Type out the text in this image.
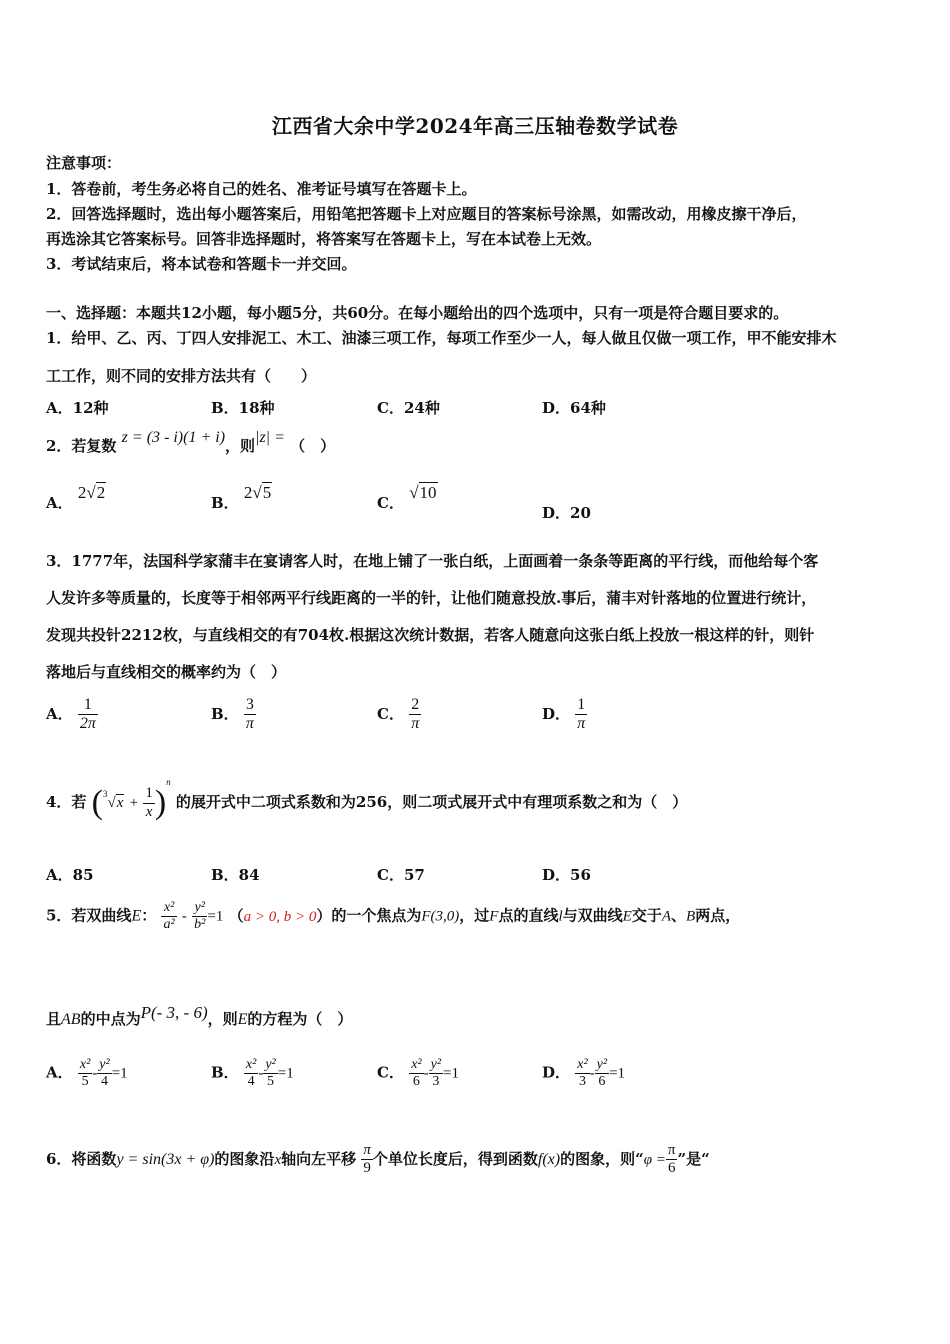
江西省大余中学2024年高三压轴卷数学试卷
注意事项：
1．答卷前，考生务必将自己的姓名、准考证号填写在答题卡上。
2．回答选择题时，选出每小题答案后，用铅笔把答题卡上对应题目的答案标号涂黑，如需改动，用橡皮擦干净后，
再选涂其它答案标号。回答非选择题时，将答案写在答题卡上，写在本试卷上无效。
3．考试结束后，将本试卷和答题卡一并交回。
一、选择题：本题共12小题，每小题5分，共60分。在每小题给出的四个选项中，只有一项是符合题目要求的。
1．给甲、乙、丙、丁四人安排泥工、木工、油漆三项工作，每项工作至少一人，每人做且仅做一项工作，甲不能安排木
工工作，则不同的安排方法共有（　　）
A．12种	B．18种	C．24种	D．64种
2．若复数 z = (3 - i)(1 + i)，则|z| = （　）
A． 2√2
B． 2√5
C． √10
D．20
3．1777年，法国科学家蒲丰在宴请客人时，在地上铺了一张白纸，上面画着一条条等距离的平行线，而他给每个客
人发许多等质量的，长度等于相邻两平行线距离的一半的针，让他们随意投放.事后，蒲丰对针落地的位置进行统计，
发现共投针2212枚，与直线相交的有704枚.根据这次统计数据，若客人随意向这张白纸上投放一根这样的针，则针
落地后与直线相交的概率约为（　）
A． $\frac{1}{2\pi}$	B． $\frac{3}{\pi}$	C． $\frac{2}{\pi}$	D． $\frac{1}{\pi}$
4．若 $(^3√x + \frac{1}{x} )^n$ 的展开式中二项式系数和为256，则二项式展开式中有理项系数之和为（　）
A．85	B．84	C．57	D．56
5．若双曲线E： $\frac{\text{x²}}{\text{a²}} - \frac{\text{y²}}{\text{b²}} =1$ （a > 0, b > 0）的一个焦点为F(3,0)，过F点的直线l与双曲线E交于A、B两点，
且AB的中点为P(- 3, - 6)，则E的方程为（　）
A． $\frac{\text{x²}}{5} - \frac{\text{y²}}{4} =1$	B． $\frac{\text{x²}}{4} - \frac{\text{y²}}{5} =1$	C． $\frac{\text{x²}}{6} - \frac{\text{y²}}{3} =1$	D． $\frac{\text{x²}}{3} - \frac{\text{y²}}{6} =1$
6．将函数y = sin(3x + φ)的图象沿x轴向左平移 $\frac{\pi}{9}$ 个单位长度后，得到函数f(x)的图象，则“$\varphi = \frac{\pi}{6}$ ”是“
